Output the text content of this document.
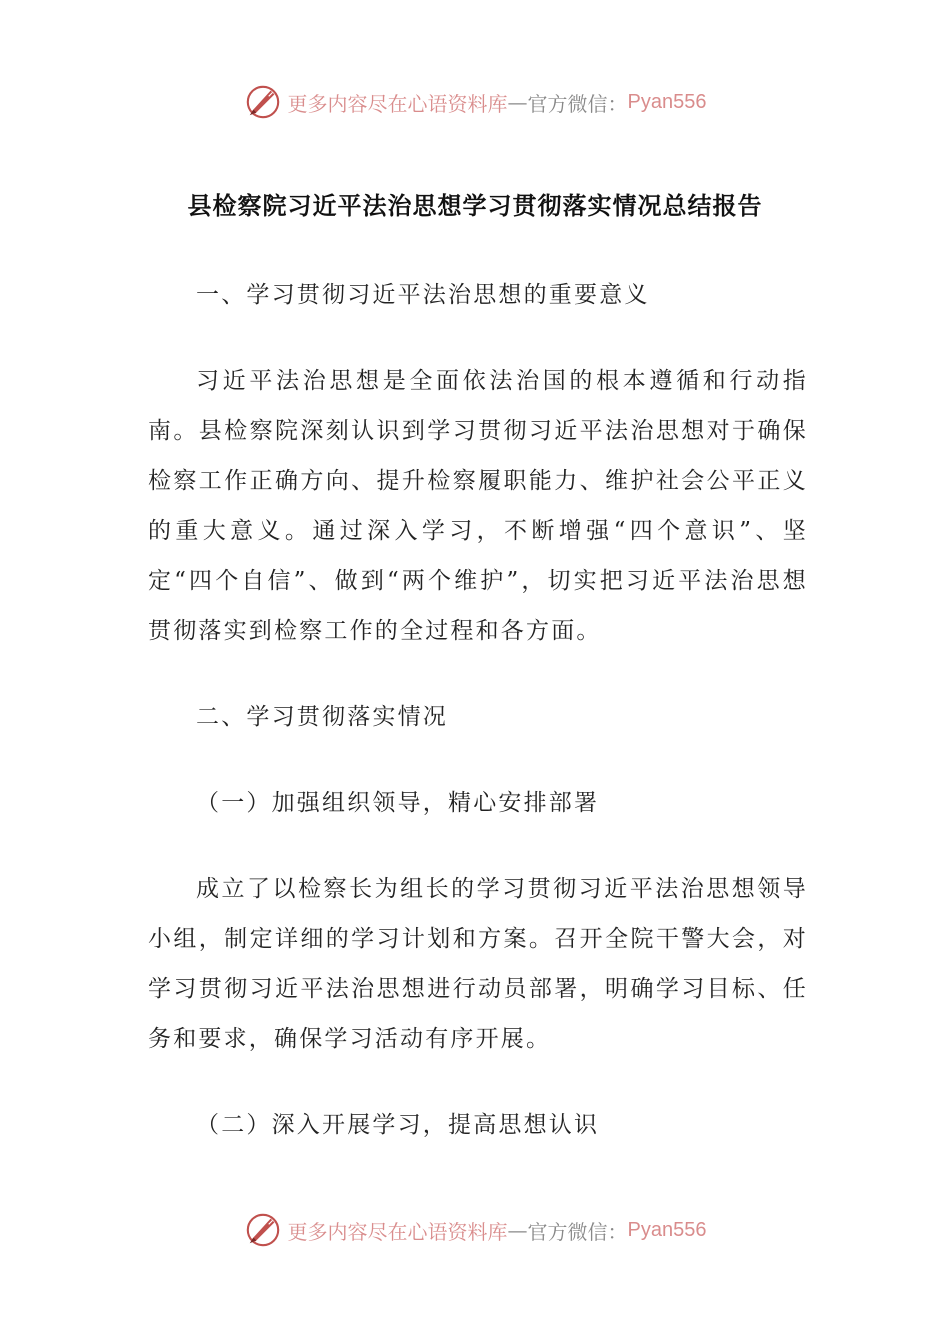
更多内容尽在心语资料库 — 官方微信： Pyan556
县检察院习近平法治思想学习贯彻落实情况总结报告

一、学习贯彻习近平法治思想的重要意义

习近平法治思想是全面依法治国的根本遵循和行动指南。县检察院深刻认识到学习贯彻习近平法治思想对于确保检察工作正确方向、提升检察履职能力、维护社会公平正义的重大意义。通过深入学习，不断增强“四个意识”、坚定“四个自信”、做到“两个维护”，切实把习近平法治思想贯彻落实到检察工作的全过程和各方面。

二、学习贯彻落实情况

（一）加强组织领导，精心安排部署

成立了以检察长为组长的学习贯彻习近平法治思想领导小组，制定详细的学习计划和方案。召开全院干警大会，对学习贯彻习近平法治思想进行动员部署，明确学习目标、任务和要求，确保学习活动有序开展。

（二）深入开展学习，提高思想认识

更多内容尽在心语资料库 — 官方微信： Pyan556
